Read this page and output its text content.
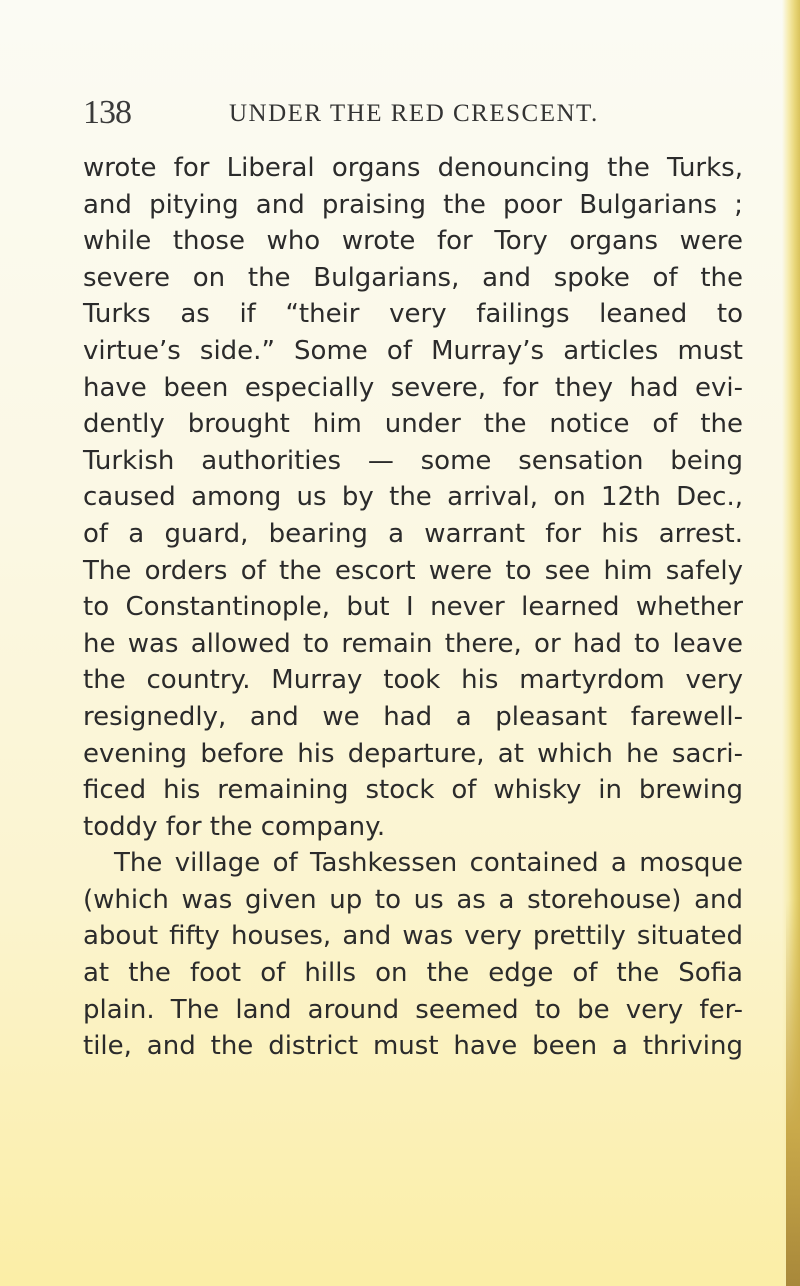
138	UNDER THE RED CRESCENT.
wrote for Liberal organs denouncing the Turks,
and pitying and praising the poor Bulgarians ;
while those who wrote for Tory organs were
severe on the Bulgarians, and spoke of the
Turks as if “their very failings leaned to
virtue’s side.” Some of Murray’s articles must
have been especially severe, for they had evi-
dently brought him under the notice of the
Turkish authorities — some sensation being
caused among us by the arrival, on 12th Dec.,
of a guard, bearing a warrant for his arrest.
The orders of the escort were to see him safely
to Constantinople, but I never learned whether
he was allowed to remain there, or had to leave
the country. Murray took his martyrdom very
resignedly, and we had a pleasant farewell-
evening before his departure, at which he sacri-
ficed his remaining stock of whisky in brewing
toddy for the company.
The village of Tashkessen contained a mosque
(which was given up to us as a storehouse) and
about fifty houses, and was very prettily situated
at the foot of hills on the edge of the Sofia
plain. The land around seemed to be very fer-
tile, and the district must have been a thriving
